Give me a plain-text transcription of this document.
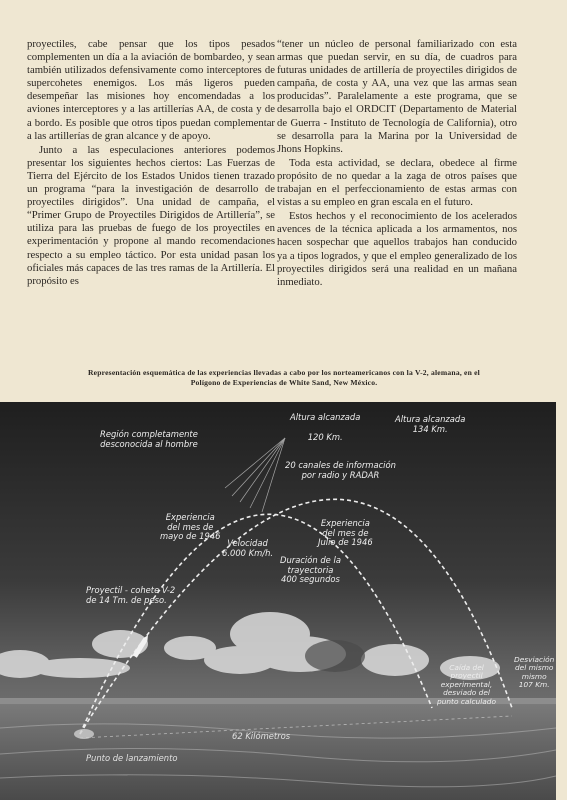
proyectiles, cabe pensar que los tipos pesados complementen un día a la aviación de bombardeo, y sean también utilizados defensivamente como interceptores de supercohetes enemigos. Los más ligeros pueden desempeñar las misiones hoy encomendadas a los aviones interceptores y a las artillerías AA, de costa y de a bordo. Es posible que otros tipos puedan complementar a las artillerías de gran alcance y de apoyo.

Junto a las especulaciones anteriores podemos presentar los siguientes hechos ciertos: Las Fuerzas de Tierra del Ejército de los Estados Unidos tienen trazado un programa “para la investigación de desarrollo de proyectiles dirigidos”. Una unidad de campaña, el “Primer Grupo de Proyectiles Dirigidos de Artillería”, se utiliza para las pruebas de fuego de los proyectiles en experimentación y propone al mando recomendaciones respecto a su empleo táctico. Por esta unidad pasan los oficiales más capaces de las tres ramas de la Artillería. El propósito es

“tener un núcleo de personal familiarizado con esta armas que puedan servir, en su día, de cuadros para futuras unidades de artillería de proyectiles dirigidos de campaña, de costa y AA, una vez que las armas sean producidas”. Paralelamente a este programa, que se desarrolla bajo el ORDCIT (Departamento de Material de Guerra - Instituto de Tecnología de California), otro se desarrolla para la Marina por la Universidad de Jhons Hopkins.

Toda esta actividad, se declara, obedece al firme propósito de no quedar a la zaga de otros países que trabajan en el perfeccionamiento de estas armas con vistas a su empleo en gran escala en el futuro.

Estos hechos y el reconocimiento de los acelerados avences de la técnica aplicada a los armamentos, nos hacen sospechar que aquellos trabajos han conducido ya a tipos logrados, y que el empleo generalizado de los proyectiles dirigidos será una realidad en un mañana inmediato.

Representación esquemática de las experiencias llevadas a cabo por los norteamericanos con la V-2, alemana, en el
Polígono de Experiencias de White Sand, New México.
Región completamente
desconocida al hombre
Altura alcanzada
120 Km.
Altura alcanzada
134 Km.
20 canales de información
por radio y RADAR
Experiencia
del mes de
mayo de 1946
Experiencia
del mes de
Julio de 1946
Velocidad
6.000 Km/h.
Duración de la
trayectoria
400 segundos
Proyectil - cohete V-2
de 14 Tm. de peso.
Caída del
proyectil
experimental,
desviado del
punto calculado
Desviación
del mismo
mismo
107 Km.
62 Kilómetros
Punto de lanzamiento
